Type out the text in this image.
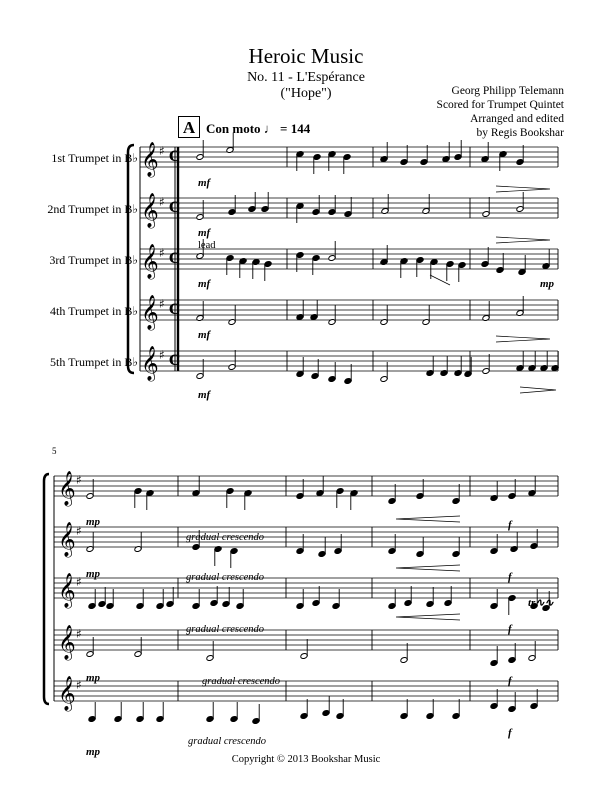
Heroic Music
No. 11 - L'Espérance
("Hope")	Georg Philipp Telemann
Scored for Trumpet Quintet
Arranged and edited
by Regis Bookshar
A Con moto ♩ = 144
1st Trumpet in B♭
2nd Trumpet in B♭
3rd Trumpet in B♭
4th Trumpet in B♭
5th Trumpet in B♭
𝄞 ♯ C
𝄞 ♯ C
𝄞 ♯ C
𝄞 ♯ C
𝄞 ♯ C
𝄞 ♯
𝄞 ♯
𝄞 ♯
𝄞 ♯
𝄞 ♯
mf
mf
mf
mf
mf
lead
mp
5
mp
mp
mp
mp
gradual crescendo
gradual crescendo
gradual crescendo
gradual crescendo
gradual crescendo
f
f
f
f
f
tr∿∿
Copyright © 2013 Bookshar Music
